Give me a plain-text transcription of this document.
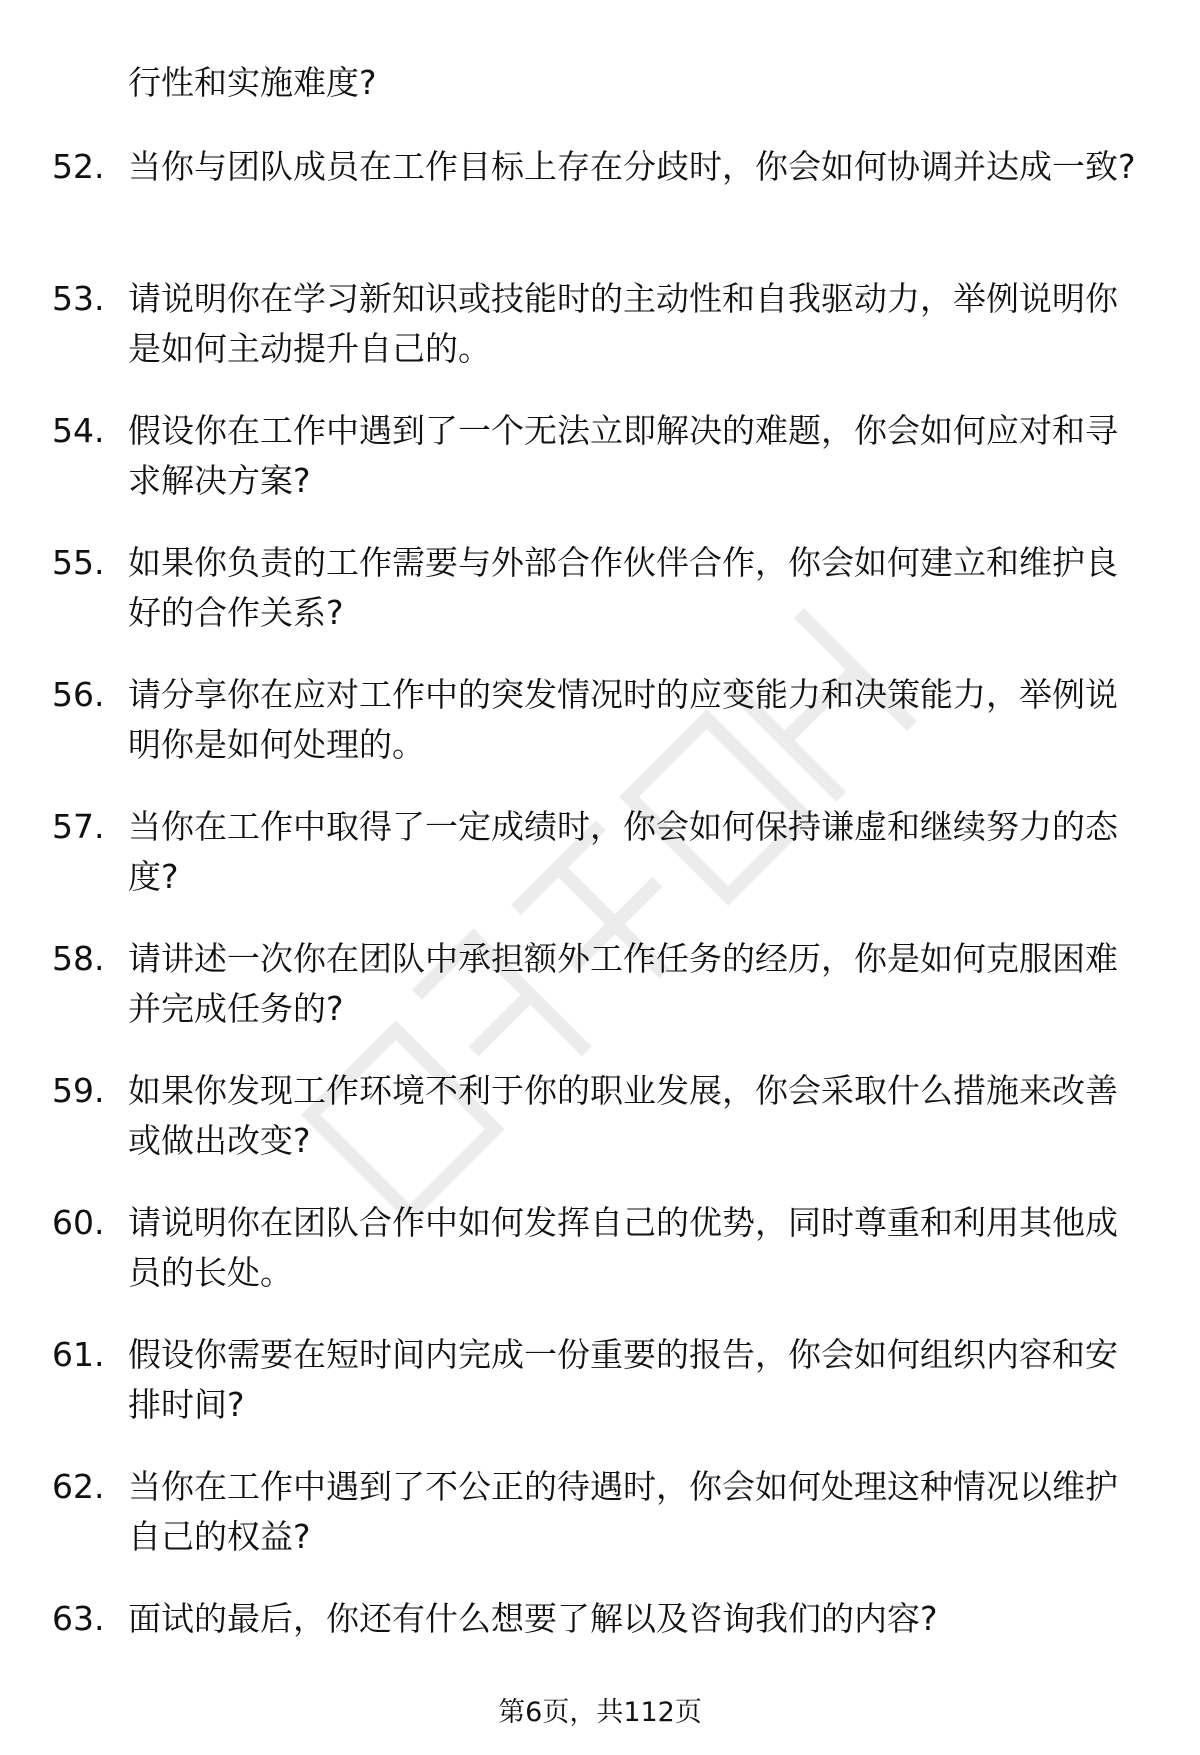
行性和实施难度?

52. 当你与团队成员在工作目标上存在分歧时，你会如何协调并达成一致?

53. 请说明你在学习新知识或技能时的主动性和自我驱动力，举例说明你是如何主动提升自己的。

54. 假设你在工作中遇到了一个无法立即解决的难题，你会如何应对和寻求解决方案?

55. 如果你负责的工作需要与外部合作伙伴合作，你会如何建立和维护良好的合作关系?

56. 请分享你在应对工作中的突发情况时的应变能力和决策能力，举例说明你是如何处理的。

57. 当你在工作中取得了一定成绩时，你会如何保持谦虚和继续努力的态度?

58. 请讲述一次你在团队中承担额外工作任务的经历，你是如何克服困难并完成任务的?

59. 如果你发现工作环境不利于你的职业发展，你会采取什么措施来改善或做出改变?

60. 请说明你在团队合作中如何发挥自己的优势，同时尊重和利用其他成员的长处。

61. 假设你需要在短时间内完成一份重要的报告，你会如何组织内容和安排时间?

62. 当你在工作中遇到了不公正的待遇时，你会如何处理这种情况以维护自己的权益?

63. 面试的最后，你还有什么想要了解以及咨询我们的内容?

第6页，共112页
